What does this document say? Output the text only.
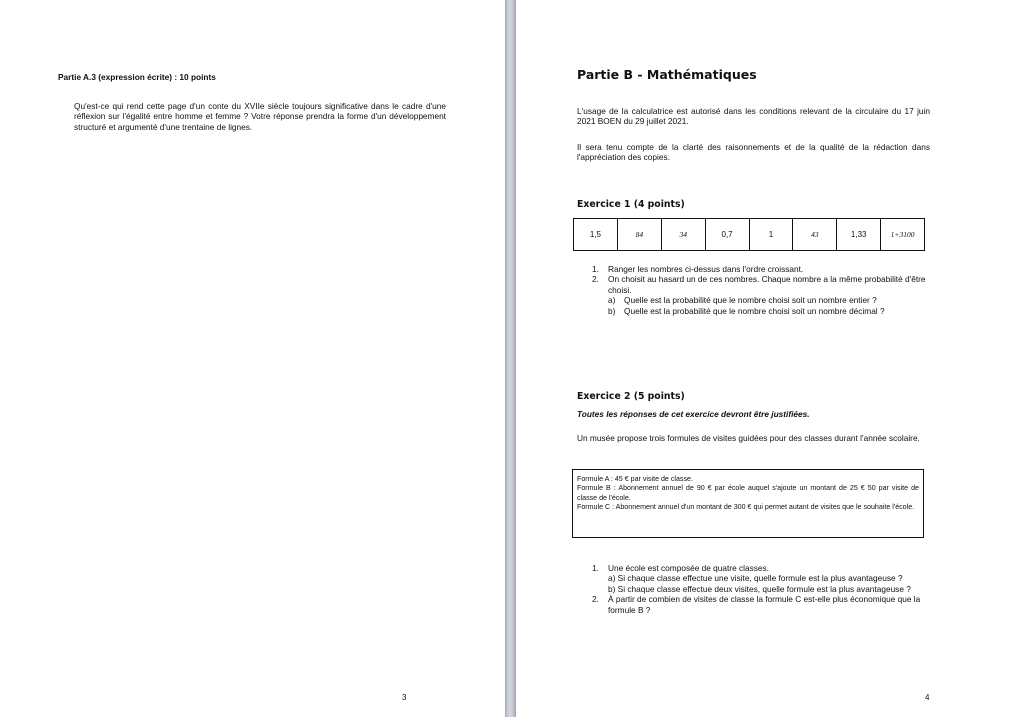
Partie A.3 (expression écrite) : 10 points
Qu'est-ce qui rend cette page d'un conte du XVIIe siècle toujours significative dans le cadre d'une réflexion sur l'égalité entre homme et femme ? Votre réponse prendra la forme d'un développement structuré et argumenté d'une trentaine de lignes.
3
Partie B - Mathématiques
L'usage de la calculatrice est autorisé dans les conditions relevant de la circulaire du 17 juin 2021 BOEN du 29 juillet 2021.
Il sera tenu compte de la clarté des raisonnements et de la qualité de la rédaction dans l'appréciation des copies.
Exercice 1 (4 points)
1,5	84	34	0,7	1	43	1,33	1+3100
1. Ranger les nombres ci-dessus dans l'ordre croissant.
2. On choisit au hasard un de ces nombres. Chaque nombre a la même probabilité d'être choisi.
a) Quelle est la probabilité que le nombre choisi soit un nombre entier ?
b) Quelle est la probabilité que le nombre choisi soit un nombre décimal ?
Exercice 2 (5 points)
Toutes les réponses de cet exercice devront être justifiées.
Un musée propose trois formules de visites guidées pour des classes durant l'année scolaire.
Formule A : 45 € par visite de classe.
Formule B : Abonnement annuel de 90 € par école auquel s'ajoute un montant de 25 € 50 par visite de classe de l'école.
Formule C : Abonnement annuel d'un montant de 300 € qui permet autant de visites que le souhaite l'école.
1. Une école est composée de quatre classes.
a) Si chaque classe effectue une visite, quelle formule est la plus avantageuse ?
b) Si chaque classe effectue deux visites, quelle formule est la plus avantageuse ?
2. À partir de combien de visites de classe la formule C est-elle plus économique que la formule B ?
4
